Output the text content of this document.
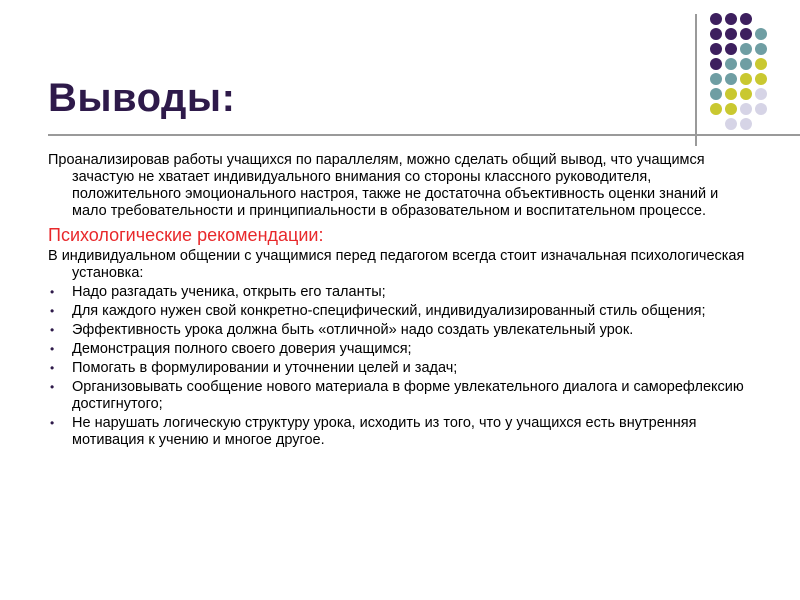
Выводы:

Проанализировав работы учащихся по параллелям, можно сделать общий вывод, что учащимся зачастую не хватает индивидуального внимания со стороны классного руководителя, положительного эмоционального настроя, также не достаточна объективность оценки знаний и мало требовательности и принципиальности в образовательном и воспитательном процессе.

Психологические рекомендации:

В индивидуальном общении с учащимися перед педагогом всегда стоит изначальная психологическая установка:

• Надо разгадать ученика, открыть его таланты;
• Для каждого нужен свой конкретно-специфический, индивидуализированный стиль общения;
• Эффективность урока должна быть «отличной» надо создать увлекательный урок.
• Демонстрация полного своего доверия учащимся;
• Помогать в формулировании и уточнении целей и задач;
• Организовывать сообщение нового материала в форме увлекательного диалога и саморефлексию достигнутого;
• Не нарушать логическую структуру урока, исходить из того, что у учащихся есть внутренняя мотивация к учению и многое другое.
